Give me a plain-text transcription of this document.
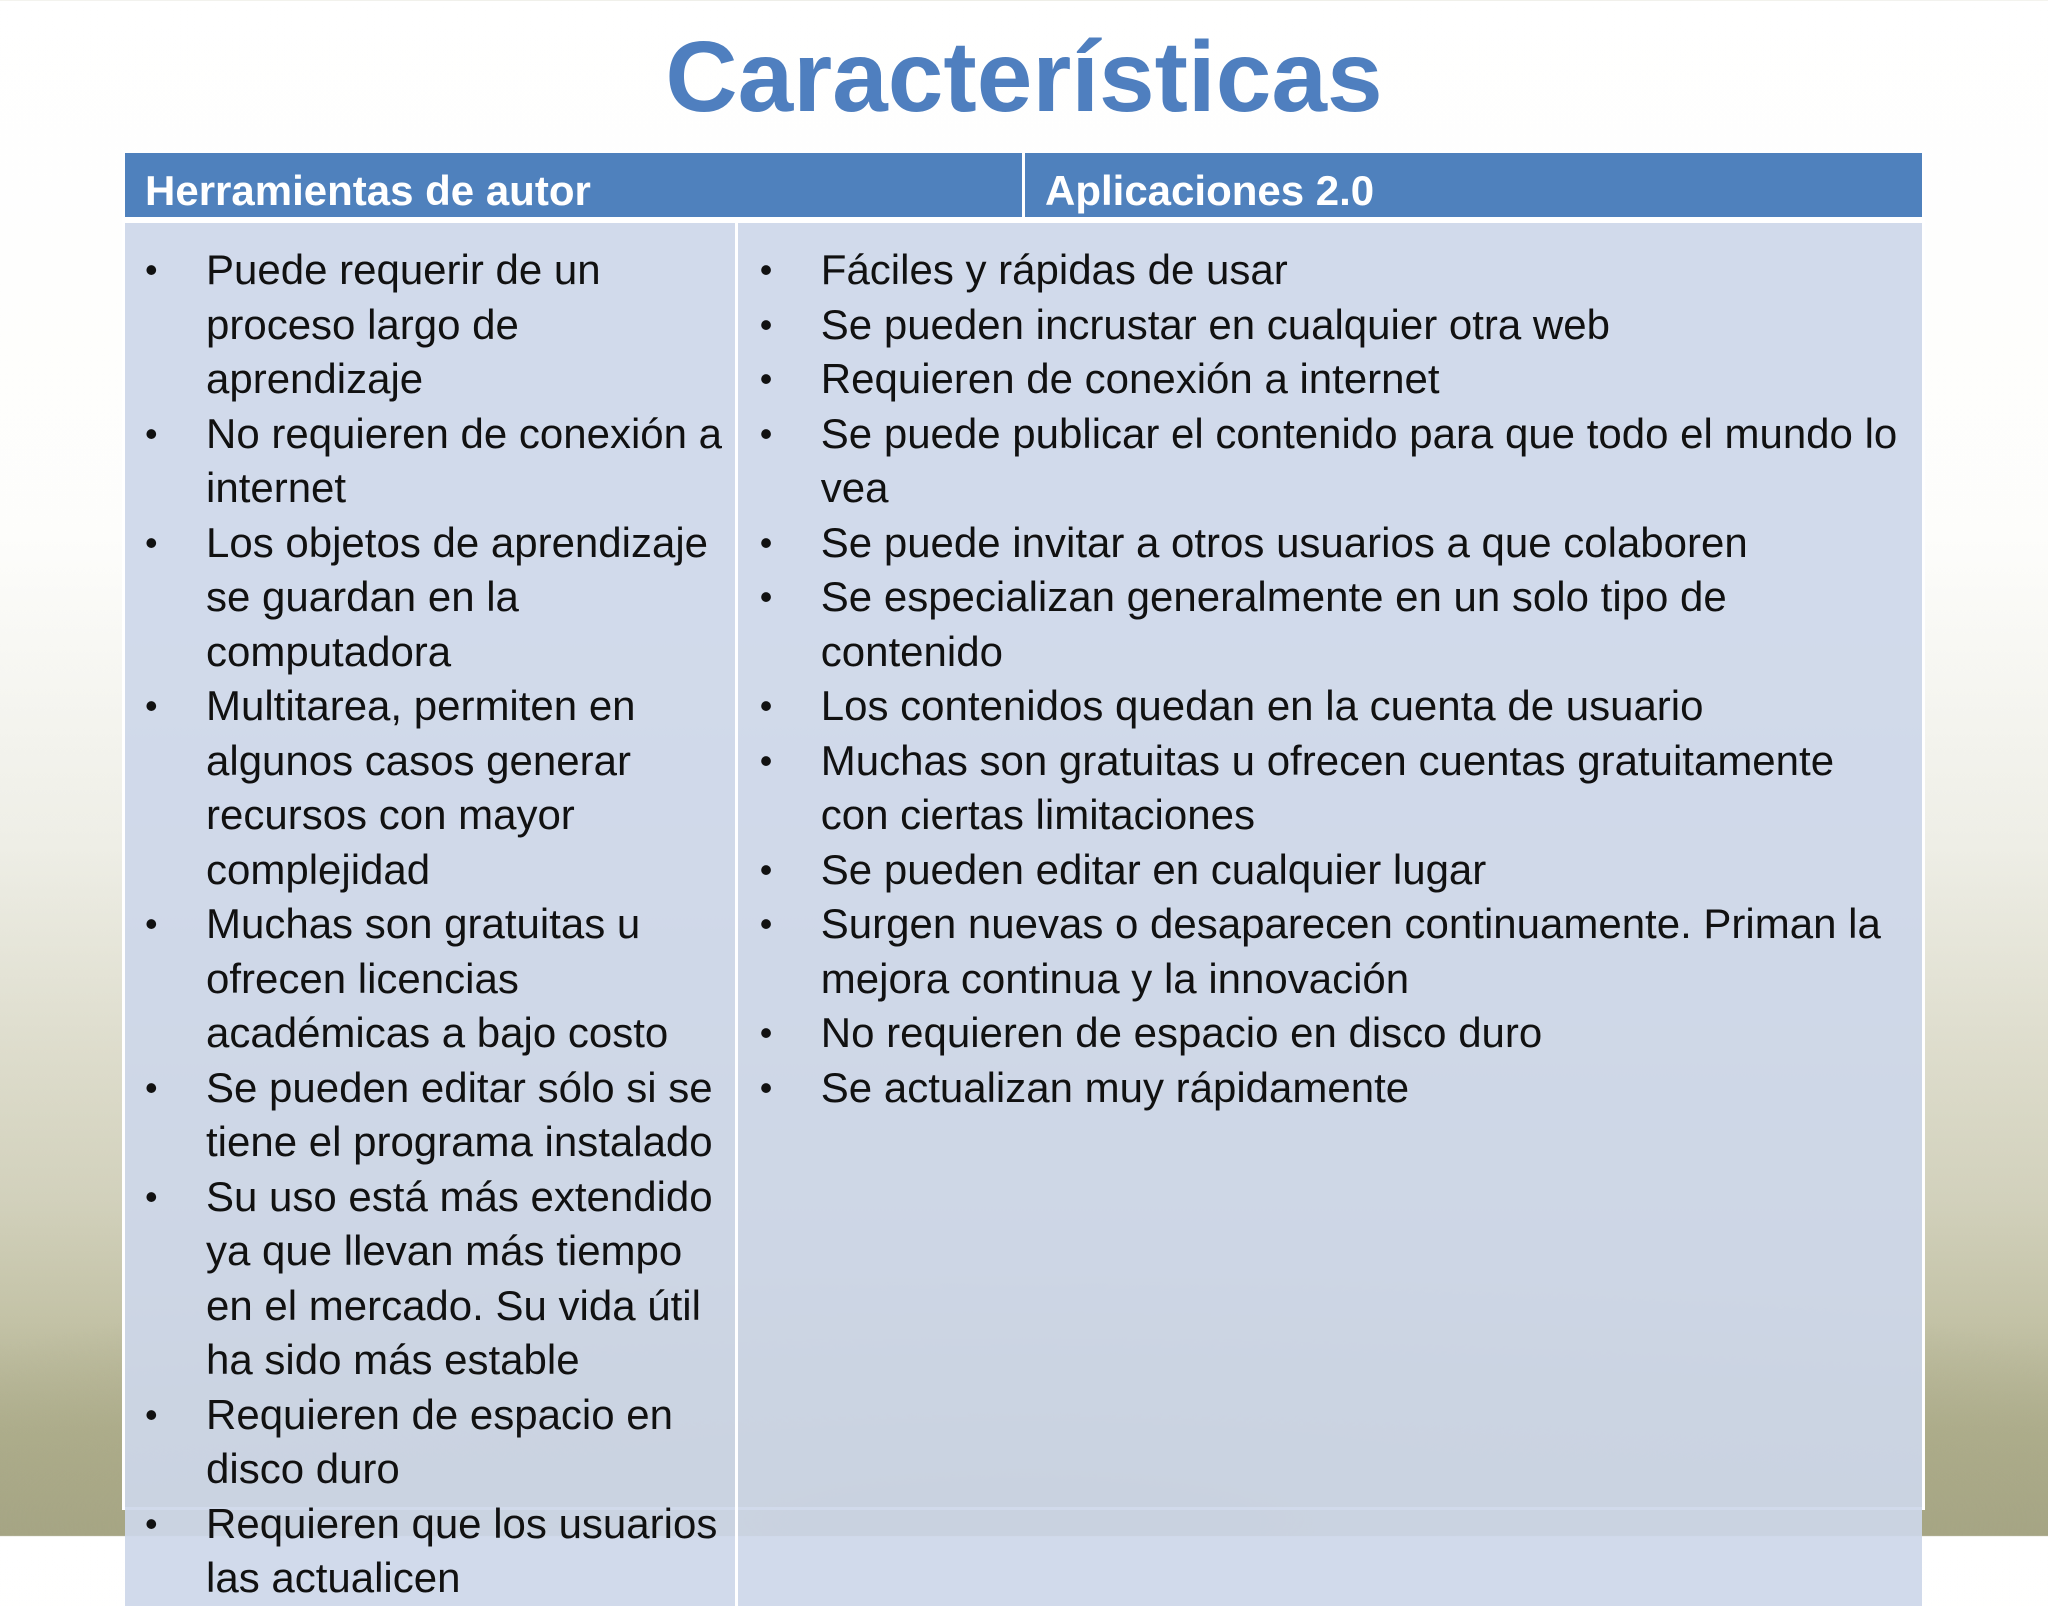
Características
Herramientas de autor	Aplicaciones 2.0
• Puede requerir de un proceso largo de aprendizaje
• No requieren de conexión a internet
• Los objetos de aprendizaje se guardan en la computadora
• Multitarea, permiten en algunos casos generar recursos con mayor complejidad
• Muchas son gratuitas u ofrecen licencias académicas a bajo costo
• Se pueden editar sólo si se tiene el programa instalado
• Su uso está más extendido ya que llevan más tiempo en el mercado. Su vida útil ha sido más estable
• Requieren de espacio en disco duro
• Requieren que los usuarios las actualicen
• Fáciles y rápidas de usar
• Se pueden incrustar en cualquier otra web
• Requieren de conexión a internet
• Se puede publicar el contenido para que todo el mundo lo vea
• Se puede invitar a otros usuarios a que colaboren
• Se especializan generalmente en un solo tipo de contenido
• Los contenidos quedan en la cuenta de usuario
• Muchas son gratuitas u ofrecen cuentas gratuitamente con ciertas limitaciones
• Se pueden editar en cualquier lugar
• Surgen nuevas o desaparecen continuamente. Priman la mejora continua y la innovación
• No requieren de espacio en disco duro
• Se actualizan muy rápidamente
